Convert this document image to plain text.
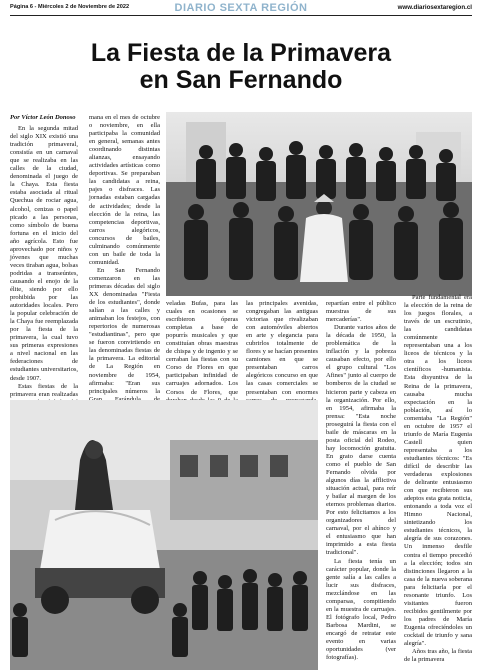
Página 6 - Miércoles 2 de Noviembre de 2022	DIARIO SEXTA REGIÓN	www.diariosextaregion.cl
La Fiesta de la Primavera
en San Fernando
Por Víctor León Donoso

En la segunda mitad del siglo XIX existió una tradición primaveral, consistía en un carnaval que se realizaba en las calles de la ciudad, denominada el juego de la Chaya. Esta fiesta estaba asociada al ritual Quechua de rociar agua, alcohol, cenizas o papel picado a las personas, como símbolo de buena fortuna en el inicio del año agrícola. Esto fue aprovechado por niños y jóvenes que muchas veces tiraban agua, bolsas podridas a transeúntes, causando el enojo de la élite, siendo por ello prohibida por las autoridades locales. Pero la popular celebración de la Chaya fue reemplazada por la fiesta de la primavera, la cual tuvo sus primeras expresiones a nivel nacional en las federaciones de estudiantes universitarios, desde 1907.

Estas fiestas de la primavera eran realizadas

mana en el mes de octubre o noviembre, en ella participaba la comunidad en general, semanas antes coordinando distintas alianzas, ensayando actividades artísticas como deportivas. Se preparaban las candidatas a reina, pajes o disfraces. Las jornadas estaban cargadas de actividades; desde la elección de la reina, las competencias deportivas, carros alegóricos, concursos de bailes, culminando comúnmente con un baile de toda la comunidad.

En San Fernando comenzaron en las primeras décadas del siglo XX denominadas "Fiesta de los estudiantes", donde salían a las calles y animaban los festejos, con repertorios de numerosas "estudiantinas", pero que se fueron convirtiendo en las denominadas fiestas de la primavera. La editorial de La Región en noviembre de 1954, afirmaba: "Eran sus principales números la

veladas Bufas, para las cuales en ocasiones se escribieron óperas completas a base de popurrís musicales y que constituían obras maestras de chispa y de ingenio y se cerraban las fiestas con su Corso de Flores en que participaban infinidad de carruajes adornados. Los Corsos de Flores, que

las principales avenidas, congregaban las antiguas victorias que rivalizaban con automóviles abiertos en arte y elegancia para cubrirlos totalmente de flores y se hacían presentes camiones en que se presentaban carros alegóricos concurso en que las casas comerciales se presentaban con enormes

repartían entre el público muestras de sus mercaderías".

Durante varios años de la década de 1950, la problemática de la inflación y la pobreza causaban efecto, por ello el grupo cultural "Los Afines" junto al cuerpo de bomberos de la ciudad se hicieron parte y cabeza en la organización. Por ello, en 1954, afirmaba la prensa: "Esta noche proseguirá la fiesta con el baile de máscaras en la posta oficial del Rodeo, hay locomoción gratuita. En grato darse cuenta como el pueblo de San Fernando olvida por algunos días la afflictiva situación actual, para reír y bailar al margen de los eternos problemas diarios. Por esto felicitamos a los organizadores del carnaval, por el ahínco y el entusiasmo que han imprimido a esta fiesta tradicional".

La fiesta tenía un carácter popular, donde la gente salía a las calles a lucir sus disfraces, mezclándose en las comparsas, compitiendo en la muestra de carruajes. El fotógrafo local, Pedro Barbosa Mardini, se encargó de retratar este evento en varias oportunidades (ver fotografías).

Parte fundamental era la elección de la reina de los juegos florales, a través de un escrutinio, las candidatas comúnmente representaban una a los liceos de técnicos y la otra a los liceos científicos -humanista. Esta disyuntiva de la Reina de la primavera, causaba mucha expectación en la población, así lo comentaba "La Región" en octubre de 1957 el triunfo de María Eugenia Castell quien representaba a los estudiantes técnicos: "Es difícil de describir las verdaderas explosiones de delirante entusiasmo con que recibieron sus adeptos esta grata noticia, entonando a toda voz el Himno Nacional, sintetizando los estudiantes técnicos, la alegría de sus corazones. Un inmenso desfile contra el tiempo precedió a la elección; todos sin distinciones llegaron a la casa de la nueva soberana para felicitarla por el resonante triunfo. Los visitantes fueron recibidos gentilmente por los padres de María Eugenia ofreciéndoles un cocktail de triunfo y sana alegría".

Años tras año, la fiesta de la primavera
